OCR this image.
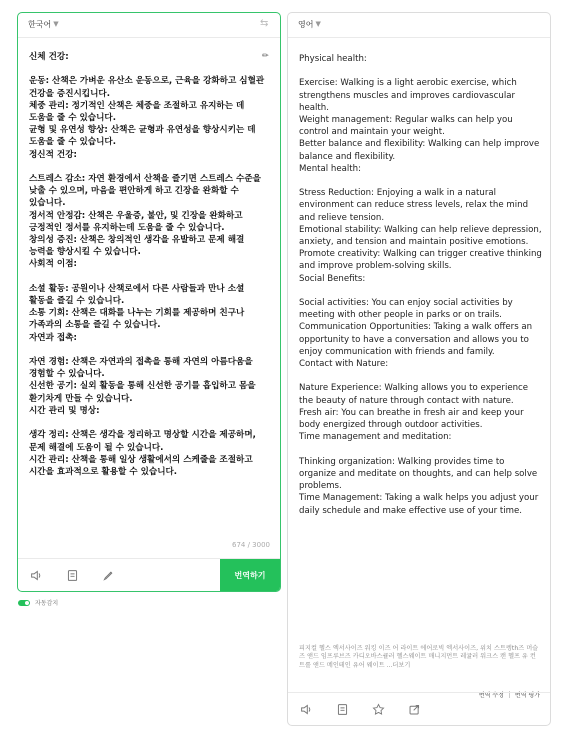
한국어 ▼	⇆
신체 건강:

운동: 산책은 가벼운 유산소 운동으로, 근육을 강화하고 심혈관 건강을 증진시킵니다.
체중 관리: 정기적인 산책은 체중을 조절하고 유지하는 데 도움을 줄 수 있습니다.
균형 및 유연성 향상: 산책은 균형과 유연성을 향상시키는 데 도움을 줄 수 있습니다.
정신적 건강:

스트레스 감소: 자연 환경에서 산책을 즐기면 스트레스 수준을 낮출 수 있으며, 마음을 편안하게 하고 긴장을 완화할 수 있습니다.
정서적 안정감: 산책은 우울증, 불안, 및 긴장을 완화하고 긍정적인 정서를 유지하는데 도움을 줄 수 있습니다.
창의성 증진: 산책은 창의적인 생각을 유발하고 문제 해결 능력을 향상시킬 수 있습니다.
사회적 이점:

소셜 활동: 공원이나 산책로에서 다른 사람들과 만나 소셜 활동을 즐길 수 있습니다.
소통 기회: 산책은 대화를 나누는 기회를 제공하며 친구나 가족과의 소통을 즐길 수 있습니다.
자연과 접촉:

자연 경험: 산책은 자연과의 접촉을 통해 자연의 아름다움을 경험할 수 있습니다.
신선한 공기: 실외 활동을 통해 신선한 공기를 흡입하고 몸을 환기차게 만들 수 있습니다.
시간 관리 및 명상:

생각 정리: 산책은 생각을 정리하고 명상할 시간을 제공하며, 문제 해결에 도움이 될 수 있습니다.
시간 관리: 산책을 통해 일상 생활에서의 스케줄을 조절하고 시간을 효과적으로 활용할 수 있습니다.
✏
674 / 3000
번역하기
자동감지
영어 ▼
Physical health:

Exercise: Walking is a light aerobic exercise, which strengthens muscles and improves cardiovascular health.
Weight management: Regular walks can help you control and maintain your weight.
Better balance and flexibility: Walking can help improve balance and flexibility.
Mental health:

Stress Reduction: Enjoying a walk in a natural environment can reduce stress levels, relax the mind and relieve tension.
Emotional stability: Walking can help relieve depression, anxiety, and tension and maintain positive emotions.
Promote creativity: Walking can trigger creative thinking and improve problem-solving skills.
Social Benefits:

Social activities: You can enjoy social activities by meeting with other people in parks or on trails.
Communication Opportunities: Taking a walk offers an opportunity to have a conversation and allows you to enjoy communication with friends and family.
Contact with Nature:

Nature Experience: Walking allows you to experience the beauty of nature through contact with nature.
Fresh air: You can breathe in fresh air and keep your body energized through outdoor activities.
Time management and meditation:

Thinking organization: Walking provides time to organize and meditate on thoughts, and can help solve problems.
Time Management: Taking a walk helps you adjust your daily schedule and make effective use of your time.
피지컬 헬스 엑서사이즈 워킹 이즈 어 라이트 에어로빅 엑서사이즈, 위치 스트렝th즈 머슬즈 앤드 임프루브즈 카디오바스큘러 헬스웨이트 매니지먼트 레귤러 워크스 캔 헬프 유 컨트롤 앤드 메인테인 유어 웨이트 ...더보기
번역 수정 번역 평가
